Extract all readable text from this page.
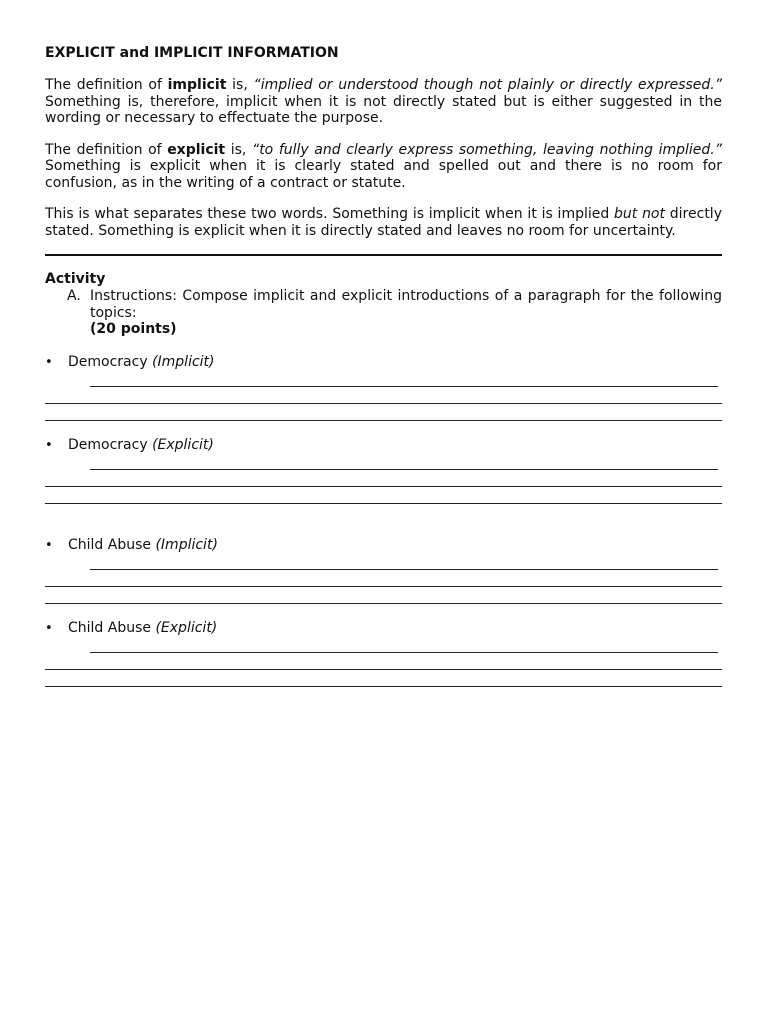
EXPLICIT and IMPLICIT INFORMATION

The definition of implicit is, “implied or understood though not plainly or directly expressed.” Something is, therefore, implicit when it is not directly stated but is either suggested in the wording or necessary to effectuate the purpose.

The definition of explicit is, “to fully and clearly express something, leaving nothing implied.” Something is explicit when it is clearly stated and spelled out and there is no room for confusion, as in the writing of a contract or statute.

This is what separates these two words. Something is implicit when it is implied but not directly stated. Something is explicit when it is directly stated and leaves no room for uncertainty.

Activity
A. Instructions: Compose implicit and explicit introductions of a paragraph for the following topics:
(20 points)
•	Democracy (Implicit)
•	Democracy (Explicit)
•	Child Abuse (Implicit)
•	Child Abuse (Explicit)
